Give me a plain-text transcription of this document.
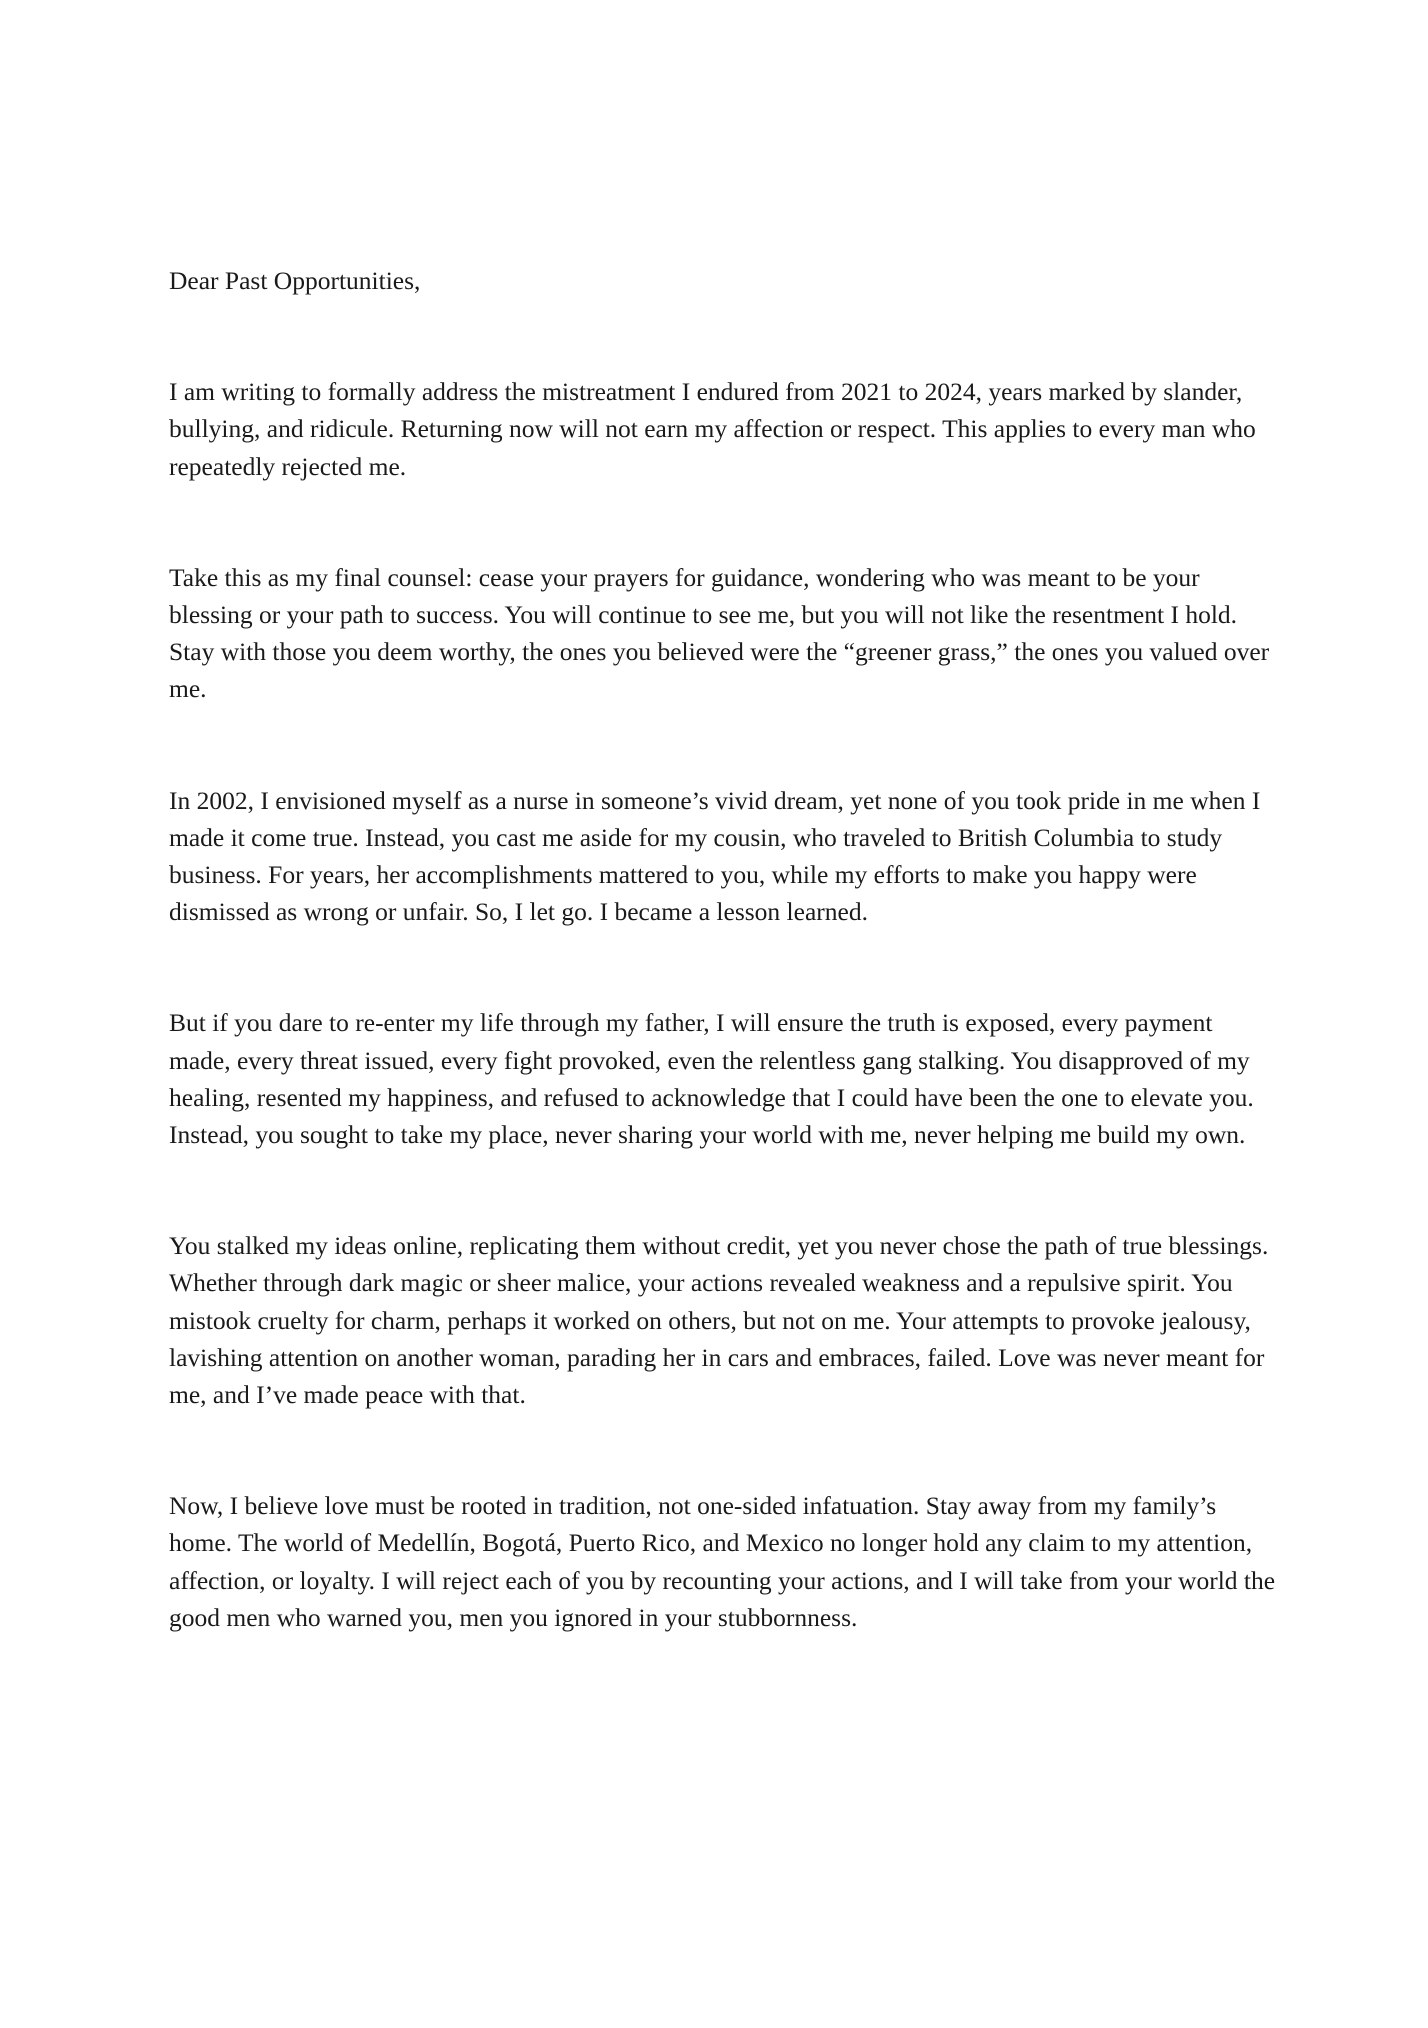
Dear Past Opportunities,

I am writing to formally address the mistreatment I endured from 2021 to 2024, years marked by slander, bullying, and ridicule. Returning now will not earn my affection or respect. This applies to every man who repeatedly rejected me.

Take this as my final counsel: cease your prayers for guidance, wondering who was meant to be your blessing or your path to success. You will continue to see me, but you will not like the resentment I hold. Stay with those you deem worthy, the ones you believed were the “greener grass,” the ones you valued over me.

In 2002, I envisioned myself as a nurse in someone’s vivid dream, yet none of you took pride in me when I made it come true. Instead, you cast me aside for my cousin, who traveled to British Columbia to study business. For years, her accomplishments mattered to you, while my efforts to make you happy were dismissed as wrong or unfair. So, I let go. I became a lesson learned.

But if you dare to re-enter my life through my father, I will ensure the truth is exposed, every payment made, every threat issued, every fight provoked, even the relentless gang stalking. You disapproved of my healing, resented my happiness, and refused to acknowledge that I could have been the one to elevate you. Instead, you sought to take my place, never sharing your world with me, never helping me build my own.

You stalked my ideas online, replicating them without credit, yet you never chose the path of true blessings. Whether through dark magic or sheer malice, your actions revealed weakness and a repulsive spirit. You mistook cruelty for charm, perhaps it worked on others, but not on me. Your attempts to provoke jealousy, lavishing attention on another woman, parading her in cars and embraces, failed. Love was never meant for me, and I’ve made peace with that.

Now, I believe love must be rooted in tradition, not one-sided infatuation. Stay away from my family’s home. The world of Medellín, Bogotá, Puerto Rico, and Mexico no longer hold any claim to my attention, affection, or loyalty. I will reject each of you by recounting your actions, and I will take from your world the good men who warned you, men you ignored in your stubbornness.
